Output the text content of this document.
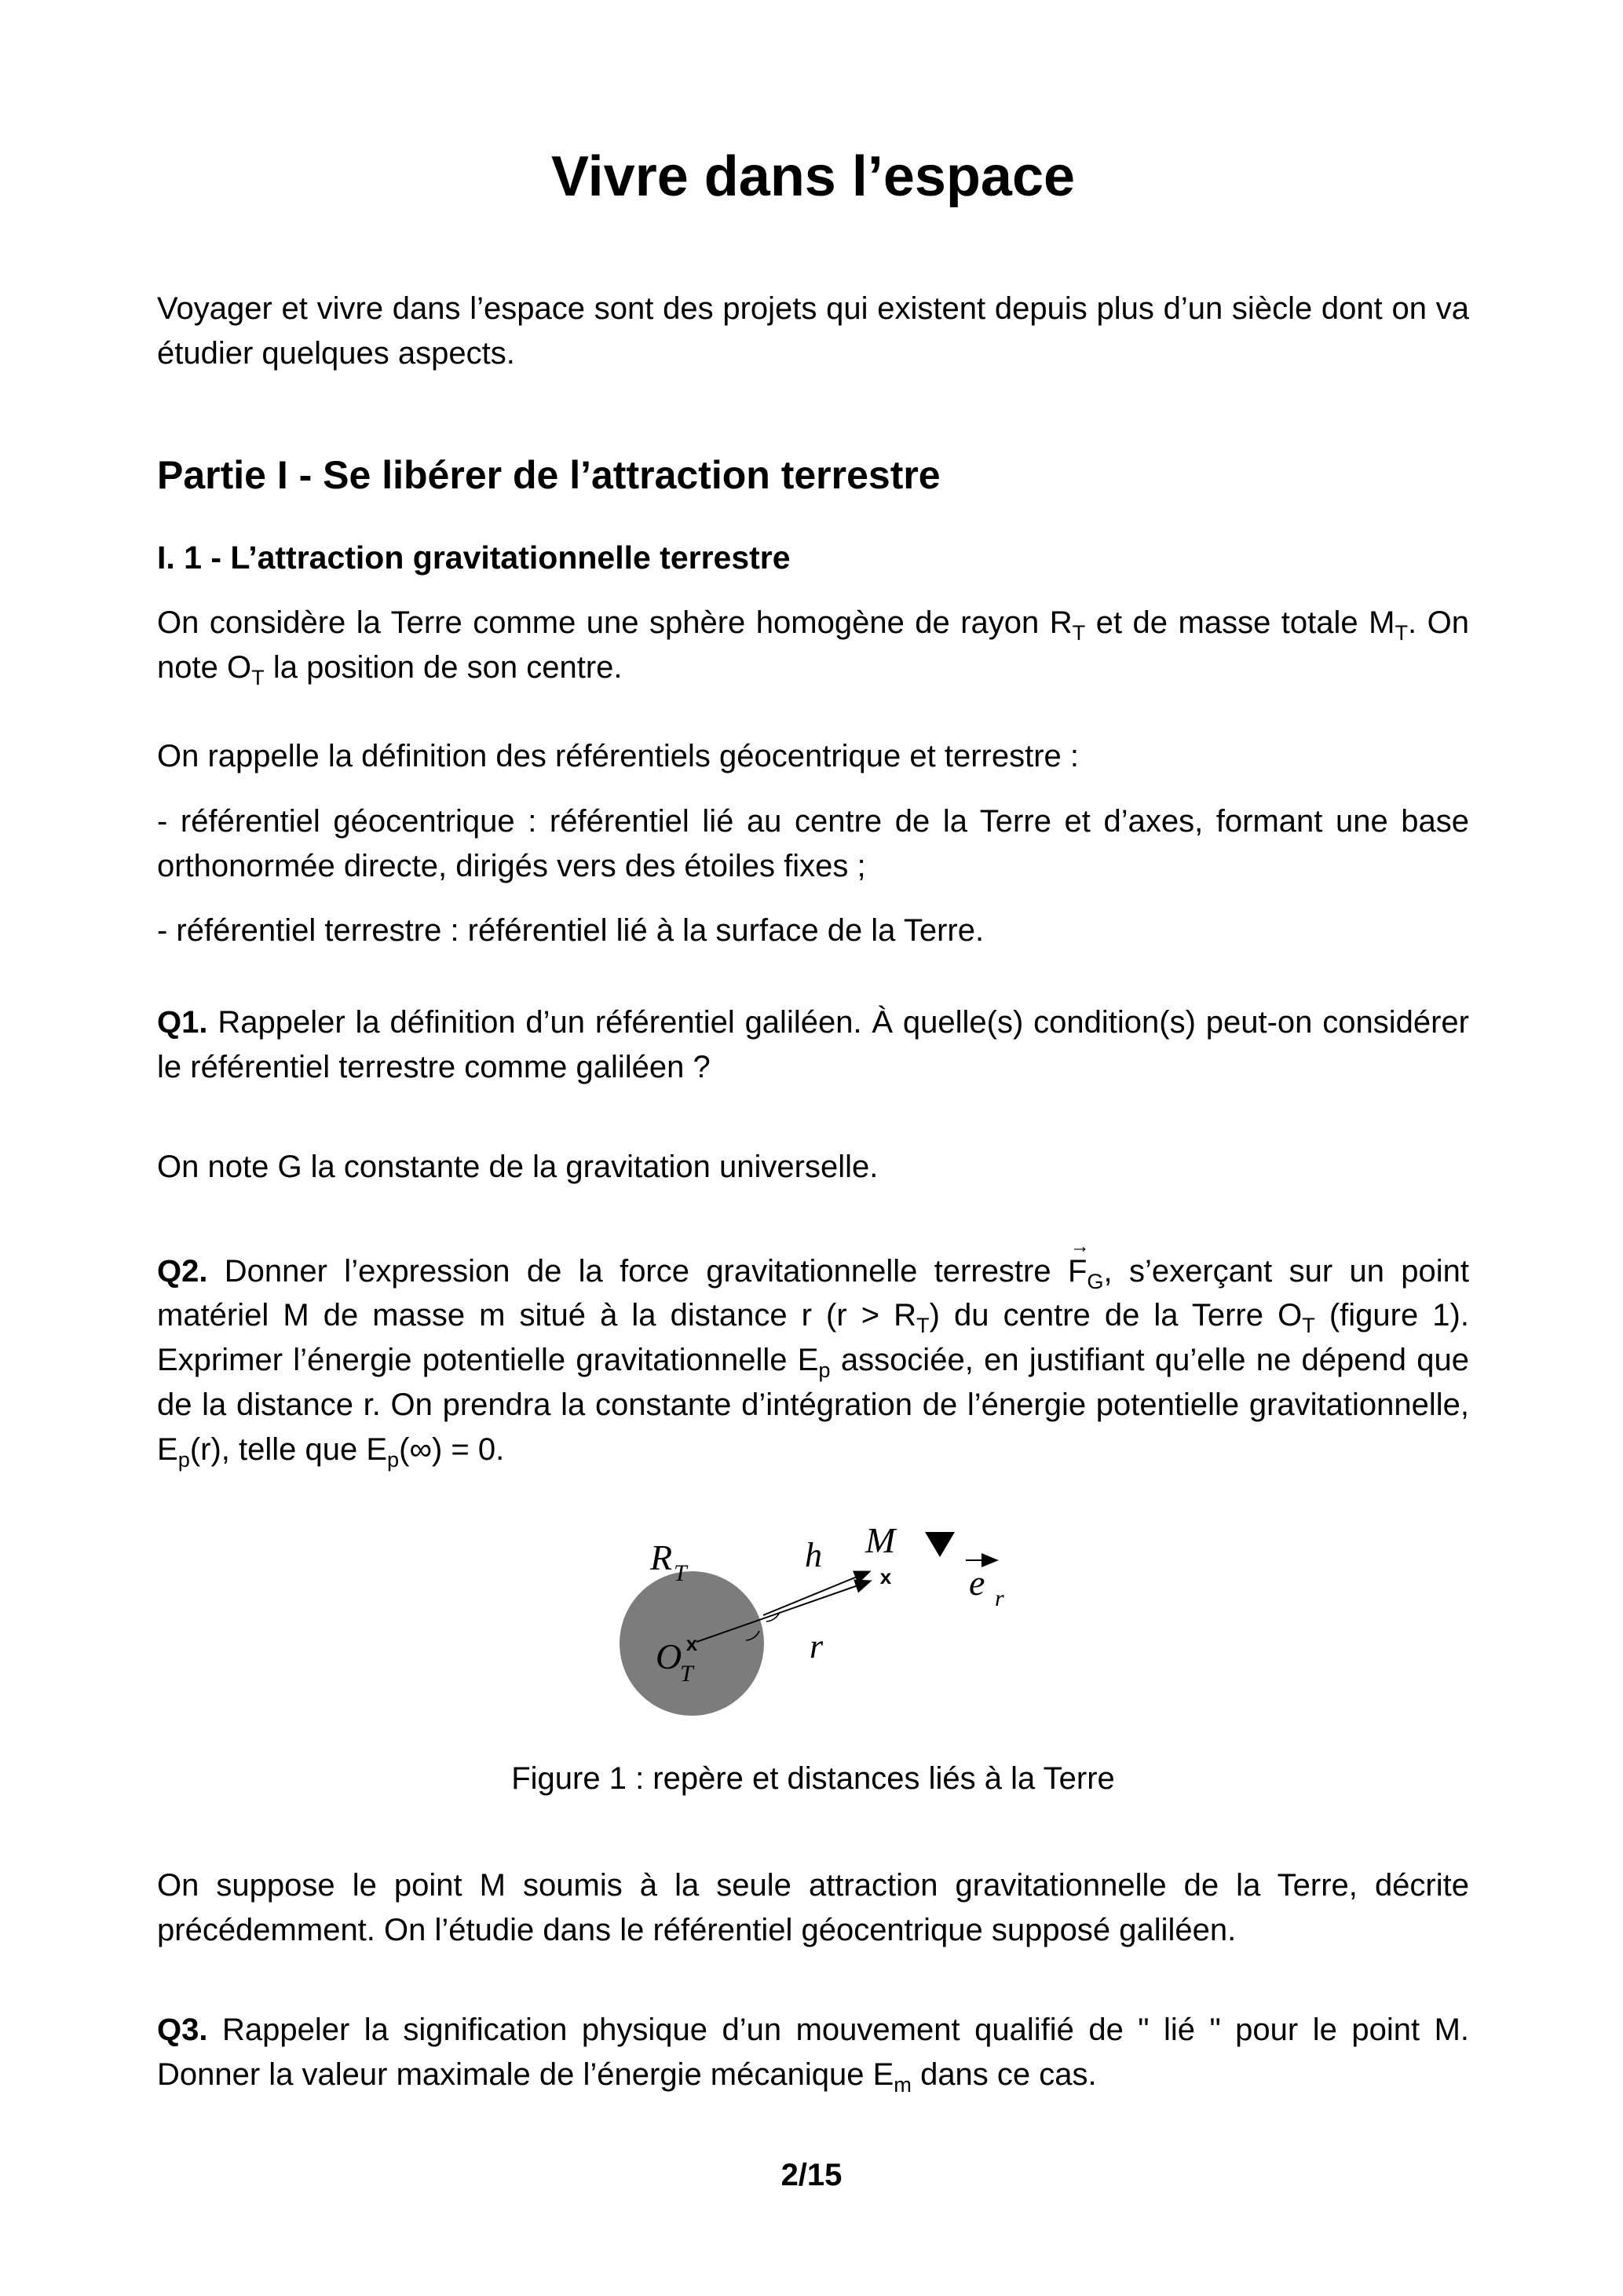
Vivre dans l’espace

Voyager et vivre dans l’espace sont des projets qui existent depuis plus d’un siècle dont on va étudier quelques aspects.

Partie I - Se libérer de l’attraction terrestre
I. 1 - L’attraction gravitationnelle terrestre

On considère la Terre comme une sphère homogène de rayon $R_T$ et de masse totale $M_T$. On note $O_T$ la position de son centre.

On rappelle la définition des référentiels géocentrique et terrestre :

- référentiel géocentrique : référentiel lié au centre de la Terre et d’axes, formant une base orthonormée directe, dirigés vers des étoiles fixes ;

- référentiel terrestre : référentiel lié à la surface de la Terre.

Q1. Rappeler la définition d’un référentiel galiléen. À quelle(s) condition(s) peut-on considérer le référentiel terrestre comme galiléen ?

On note G la constante de la gravitation universelle.

Q2. Donner l’expression de la force gravitationnelle terrestre
→
$F_G$, s’exerçant sur un point matériel M de masse m situé à la distance r $(r > R_T)$ du centre de la Terre $O_T$ (figure 1). Exprimer l’énergie potentielle gravitationnelle $E_p$ associée, en justifiant qu’elle ne dépend que de la distance r. On prendra la constante d’intégration de l’énergie potentielle gravitationnelle, $E_p(r)$, telle que $E_p(\infty) = 0$.

R T	h M
x e r
x
O
T
r
Figure 1 : repère et distances liés à la Terre

On suppose le point M soumis à la seule attraction gravitationnelle de la Terre, décrite précédemment. On l’étudie dans le référentiel géocentrique supposé galiléen.

Q3. Rappeler la signification physique d’un mouvement qualifié de " lié " pour le point M. Donner la valeur maximale de l’énergie mécanique $E_m$ dans ce cas.

2/15
